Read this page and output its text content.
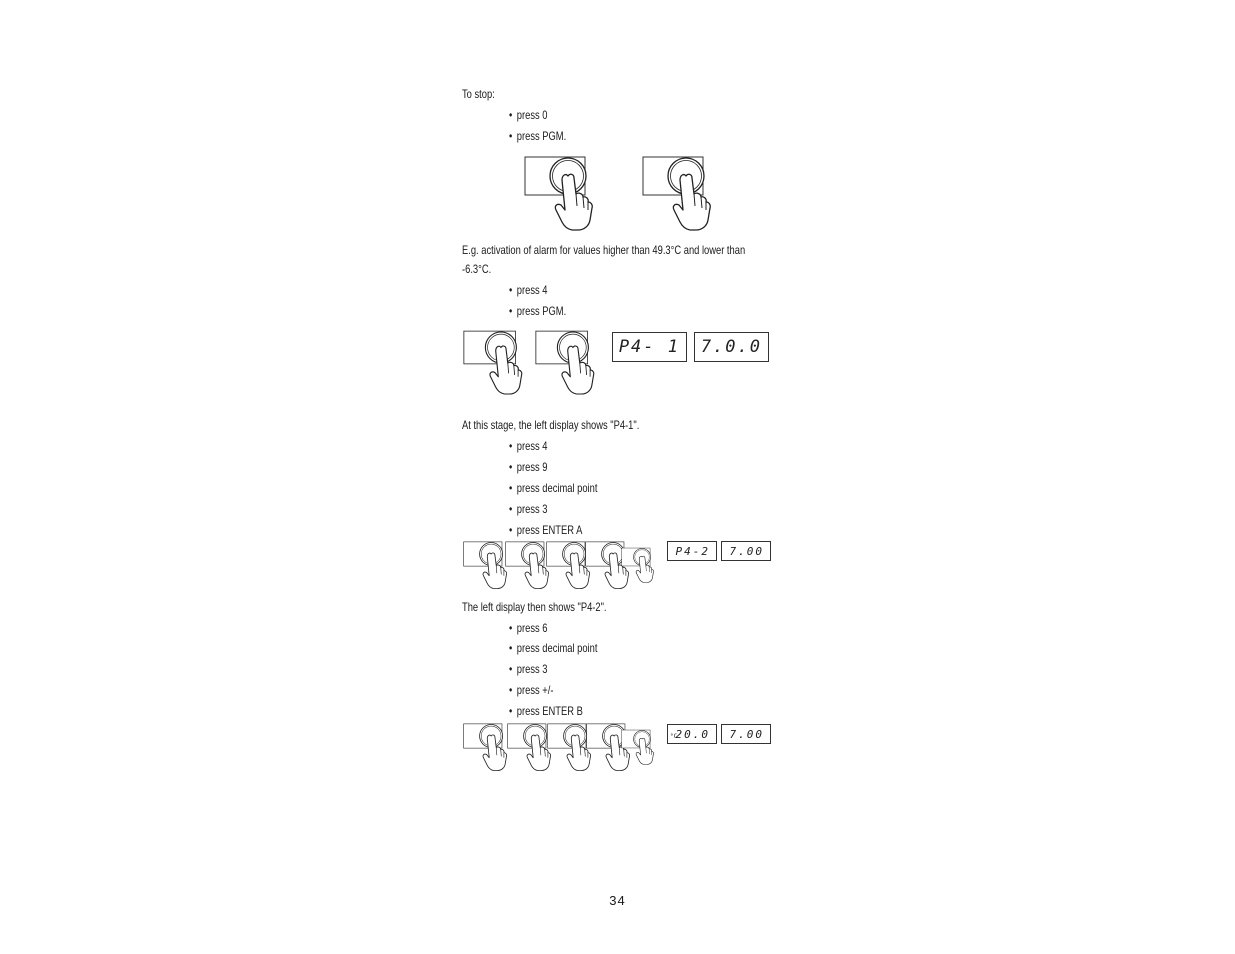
To stop:
• press 0
• press PGM.
E.g. activation of alarm for values higher than 49.3°C and lower than
-6.3°C.
• press 4
• press PGM.
P4- 1 7.0.0
At this stage, the left display shows "P4-1".
• press 4
• press 9
• press decimal point
• press 3
• press ENTER A
P4-2 7.00
The left display then shows "P4-2".
• press 6
• press decimal point
• press 3
• press +/-
• press ENTER B
°C
20.0 7.00
34
